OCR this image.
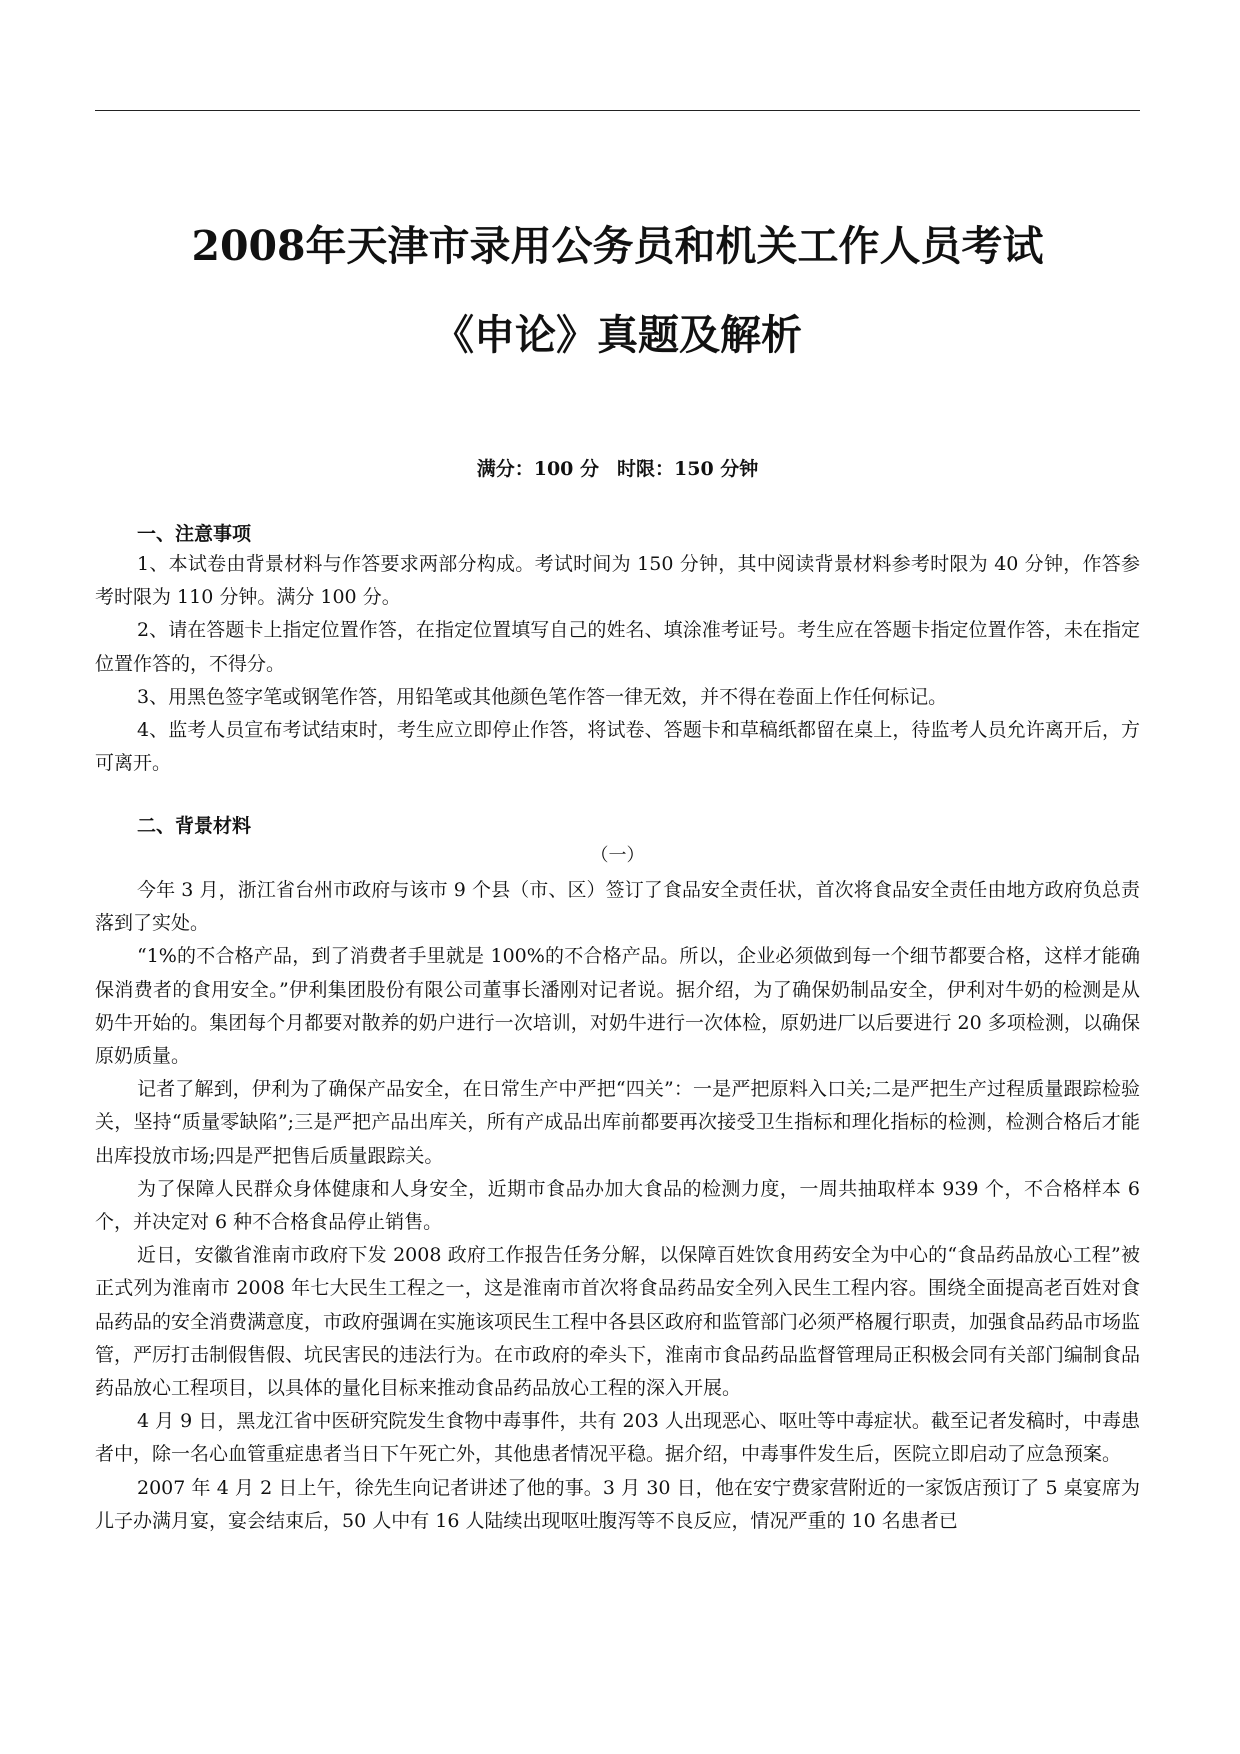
2008年天津市录用公务员和机关工作人员考试
《申论》真题及解析
满分：100 分 时限：150 分钟
一、注意事项

1、本试卷由背景材料与作答要求两部分构成。考试时间为 150 分钟，其中阅读背景材料参考时限为 40 分钟，作答参考时限为 110 分钟。满分 100 分。

2、请在答题卡上指定位置作答，在指定位置填写自己的姓名、填涂准考证号。考生应在答题卡指定位置作答，未在指定位置作答的，不得分。

3、用黑色签字笔或钢笔作答，用铅笔或其他颜色笔作答一律无效，并不得在卷面上作任何标记。

4、监考人员宣布考试结束时，考生应立即停止作答，将试卷、答题卡和草稿纸都留在桌上，待监考人员允许离开后，方可离开。

二、背景材料
（一）

今年 3 月，浙江省台州市政府与该市 9 个县（市、区）签订了食品安全责任状，首次将食品安全责任由地方政府负总责落到了实处。

“1%的不合格产品，到了消费者手里就是 100%的不合格产品。所以，企业必须做到每一个细节都要合格，这样才能确保消费者的食用安全。”伊利集团股份有限公司董事长潘刚对记者说。据介绍，为了确保奶制品安全，伊利对牛奶的检测是从奶牛开始的。集团每个月都要对散养的奶户进行一次培训，对奶牛进行一次体检，原奶进厂以后要进行 20 多项检测，以确保原奶质量。

记者了解到，伊利为了确保产品安全，在日常生产中严把“四关”：一是严把原料入口关;二是严把生产过程质量跟踪检验关，坚持“质量零缺陷”;三是严把产品出库关，所有产成品出库前都要再次接受卫生指标和理化指标的检测，检测合格后才能出库投放市场;四是严把售后质量跟踪关。

为了保障人民群众身体健康和人身安全，近期市食品办加大食品的检测力度，一周共抽取样本 939 个，不合格样本 6 个，并决定对 6 种不合格食品停止销售。

近日，安徽省淮南市政府下发 2008 政府工作报告任务分解，以保障百姓饮食用药安全为中心的“食品药品放心工程”被正式列为淮南市 2008 年七大民生工程之一，这是淮南市首次将食品药品安全列入民生工程内容。围绕全面提高老百姓对食品药品的安全消费满意度，市政府强调在实施该项民生工程中各县区政府和监管部门必须严格履行职责，加强食品药品市场监管，严厉打击制假售假、坑民害民的违法行为。在市政府的牵头下，淮南市食品药品监督管理局正积极会同有关部门编制食品药品放心工程项目，以具体的量化目标来推动食品药品放心工程的深入开展。

4 月 9 日，黑龙江省中医研究院发生食物中毒事件，共有 203 人出现恶心、呕吐等中毒症状。截至记者发稿时，中毒患者中，除一名心血管重症患者当日下午死亡外，其他患者情况平稳。据介绍，中毒事件发生后，医院立即启动了应急预案。

2007 年 4 月 2 日上午，徐先生向记者讲述了他的事。3 月 30 日，他在安宁费家营附近的一家饭店预订了 5 桌宴席为儿子办满月宴，宴会结束后，50 人中有 16 人陆续出现呕吐腹泻等不良反应，情况严重的 10 名患者已
